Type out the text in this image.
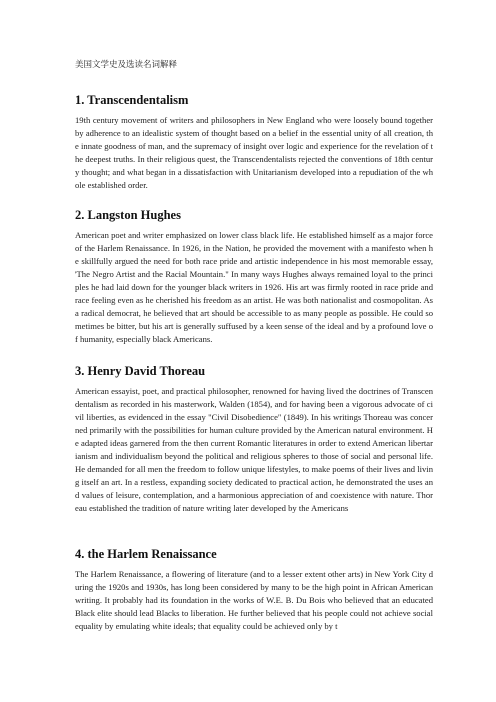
美国文学史及选读名词解释
1. Transcendentalism

19th century movement of writers and philosophers in New England who were loosely bound together by adherence to an idealistic system of thought based on a belief in the essential unity of all creation, the innate goodness of man, and the supremacy of insight over logic and experience for the revelation of the deepest truths. In their religious quest, the Transcendentalists rejected the conventions of 18th century thought; and what began in a dissatisfaction with Unitarianism developed into a repudiation of the whole established order.

2. Langston Hughes

American poet and writer emphasized on lower class black life. He established himself as a major force of the Harlem Renaissance. In 1926, in the Nation, he provided the movement with a manifesto when he skillfully argued the need for both race pride and artistic independence in his most memorable essay, 'The Negro Artist and the Racial Mountain." In many ways Hughes always remained loyal to the principles he had laid down for the younger black writers in 1926. His art was firmly rooted in race pride and race feeling even as he cherished his freedom as an artist. He was both nationalist and cosmopolitan. As a radical democrat, he believed that art should be accessible to as many people as possible. He could sometimes be bitter, but his art is generally suffused by a keen sense of the ideal and by a profound love of humanity, especially black Americans.

3. Henry David Thoreau

American essayist, poet, and practical philosopher, renowned for having lived the doctrines of Transcendentalism as recorded in his masterwork, Walden (1854), and for having been a vigorous advocate of civil liberties, as evidenced in the essay "Civil Disobedience" (1849). In his writings Thoreau was concerned primarily with the possibilities for human culture provided by the American natural environment. He adapted ideas garnered from the then current Romantic literatures in order to extend American libertarianism and individualism beyond the political and religious spheres to those of social and personal life. He demanded for all men the freedom to follow unique lifestyles, to make poems of their lives and living itself an art. In a restless, expanding society dedicated to practical action, he demonstrated the uses and values of leisure, contemplation, and a harmonious appreciation of and coexistence with nature. Thoreau established the tradition of nature writing later developed by the Americans

4. the Harlem Renaissance

The Harlem Renaissance, a flowering of literature (and to a lesser extent other arts) in New York City during the 1920s and 1930s, has long been considered by many to be the high point in African American writing. It probably had its foundation in the works of W.E. B. Du Bois who believed that an educated Black elite should lead Blacks to liberation. He further believed that his people could not achieve social equality by emulating white ideals; that equality could be achieved only by t
